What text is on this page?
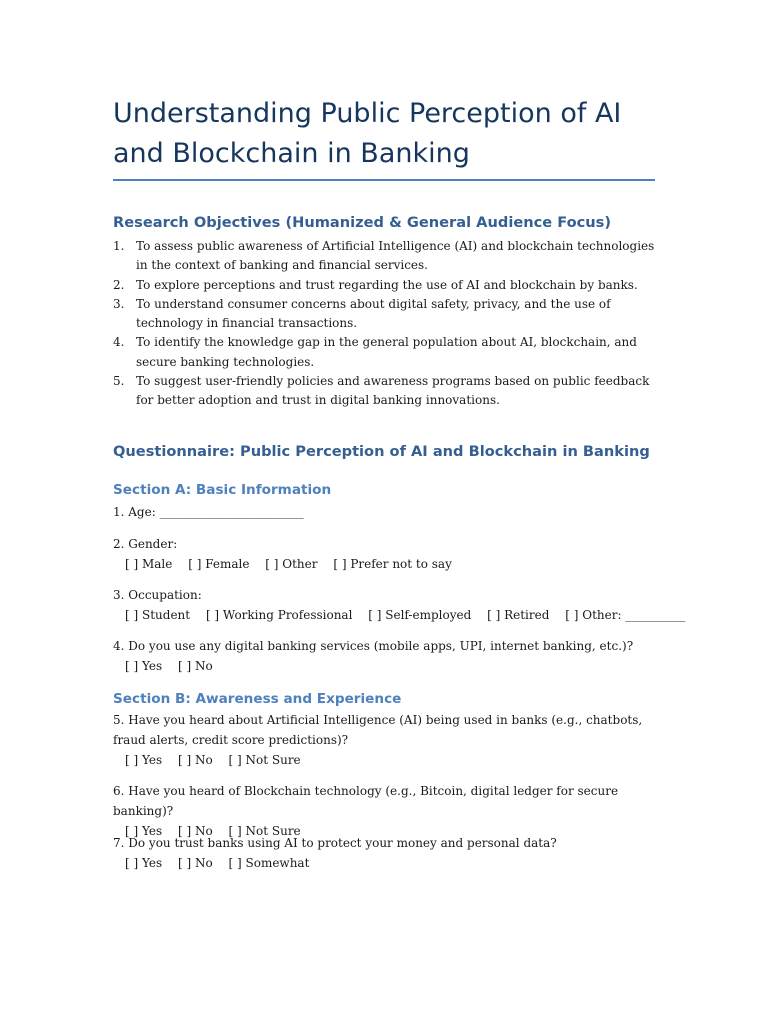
Understanding Public Perception of AI and Blockchain in Banking
Research Objectives (Humanized & General Audience Focus)
1. To assess public awareness of Artificial Intelligence (AI) and blockchain technologies in the context of banking and financial services.
2. To explore perceptions and trust regarding the use of AI and blockchain by banks.
3. To understand consumer concerns about digital safety, privacy, and the use of technology in financial transactions.
4. To identify the knowledge gap in the general population about AI, blockchain, and secure banking technologies.
5. To suggest user-friendly policies and awareness programs based on public feedback for better adoption and trust in digital banking innovations.
Questionnaire: Public Perception of AI and Blockchain in Banking
Section A: Basic Information
1. Age: ________________________
2. Gender:
[ ] Male [ ] Female [ ] Other [ ] Prefer not to say
3. Occupation:
[ ] Student [ ] Working Professional [ ] Self-employed [ ] Retired [ ] Other: __________
4. Do you use any digital banking services (mobile apps, UPI, internet banking, etc.)?
[ ] Yes [ ] No
Section B: Awareness and Experience
5. Have you heard about Artificial Intelligence (AI) being used in banks (e.g., chatbots, fraud alerts, credit score predictions)?
[ ] Yes [ ] No [ ] Not Sure
6. Have you heard of Blockchain technology (e.g., Bitcoin, digital ledger for secure banking)?
[ ] Yes [ ] No [ ] Not Sure
7. Do you trust banks using AI to protect your money and personal data?
[ ] Yes [ ] No [ ] Somewhat
